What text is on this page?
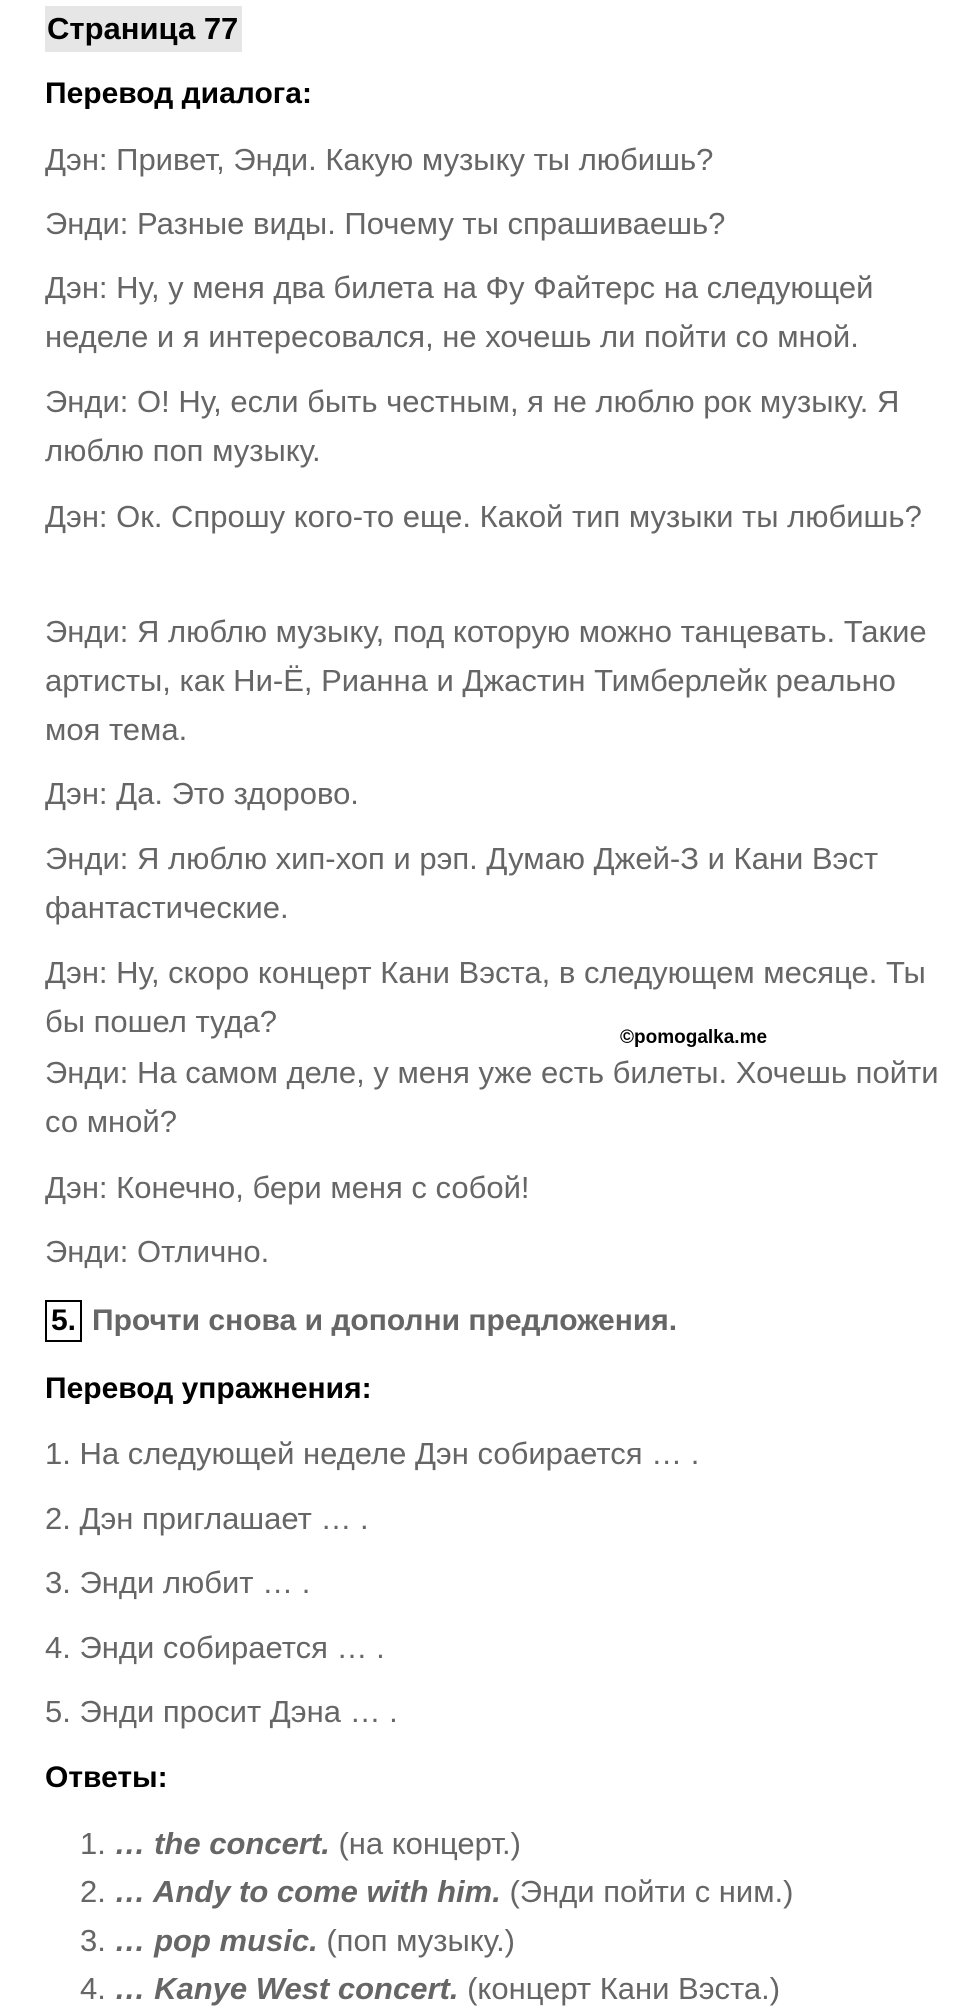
Страница 77
Перевод диалога:
Дэн: Привет, Энди. Какую музыку ты любишь?
Энди: Разные виды. Почему ты спрашиваешь?
Дэн: Ну, у меня два билета на Фу Файтерс на следующей неделе и я интересовался, не хочешь ли пойти со мной.
Энди: О! Ну, если быть честным, я не люблю рок музыку. Я люблю поп музыку.
Дэн: Ок. Спрошу кого-то еще. Какой тип музыки ты любишь?
Энди: Я люблю музыку, под которую можно танцевать. Такие артисты, как Ни-Ё, Рианна и Джастин Тимберлейк реально моя тема.
Дэн: Да. Это здорово.
Энди: Я люблю хип-хоп и рэп. Думаю Джей-З и Кани Вэст фантастические.
Дэн: Ну, скоро концерт Кани Вэста, в следующем месяце. Ты бы пошел туда?
Энди: На самом деле, у меня уже есть билеты. Хочешь пойти со мной?
Дэн: Конечно, бери меня с собой!
Энди: Отлично.
©pomogalka.me
5. Прочти снова и дополни предложения.
Перевод упражнения:
1. На следующей неделе Дэн собирается … .
2. Дэн приглашает … .
3. Энди любит … .
4. Энди собирается … .
5. Энди просит Дэна … .
Ответы:
1. … the concert. (на концерт.)
2. … Andy to come with him. (Энди пойти с ним.)
3. … pop music. (поп музыку.)
4. … Kanye West concert. (концерт Кани Вэста.)
